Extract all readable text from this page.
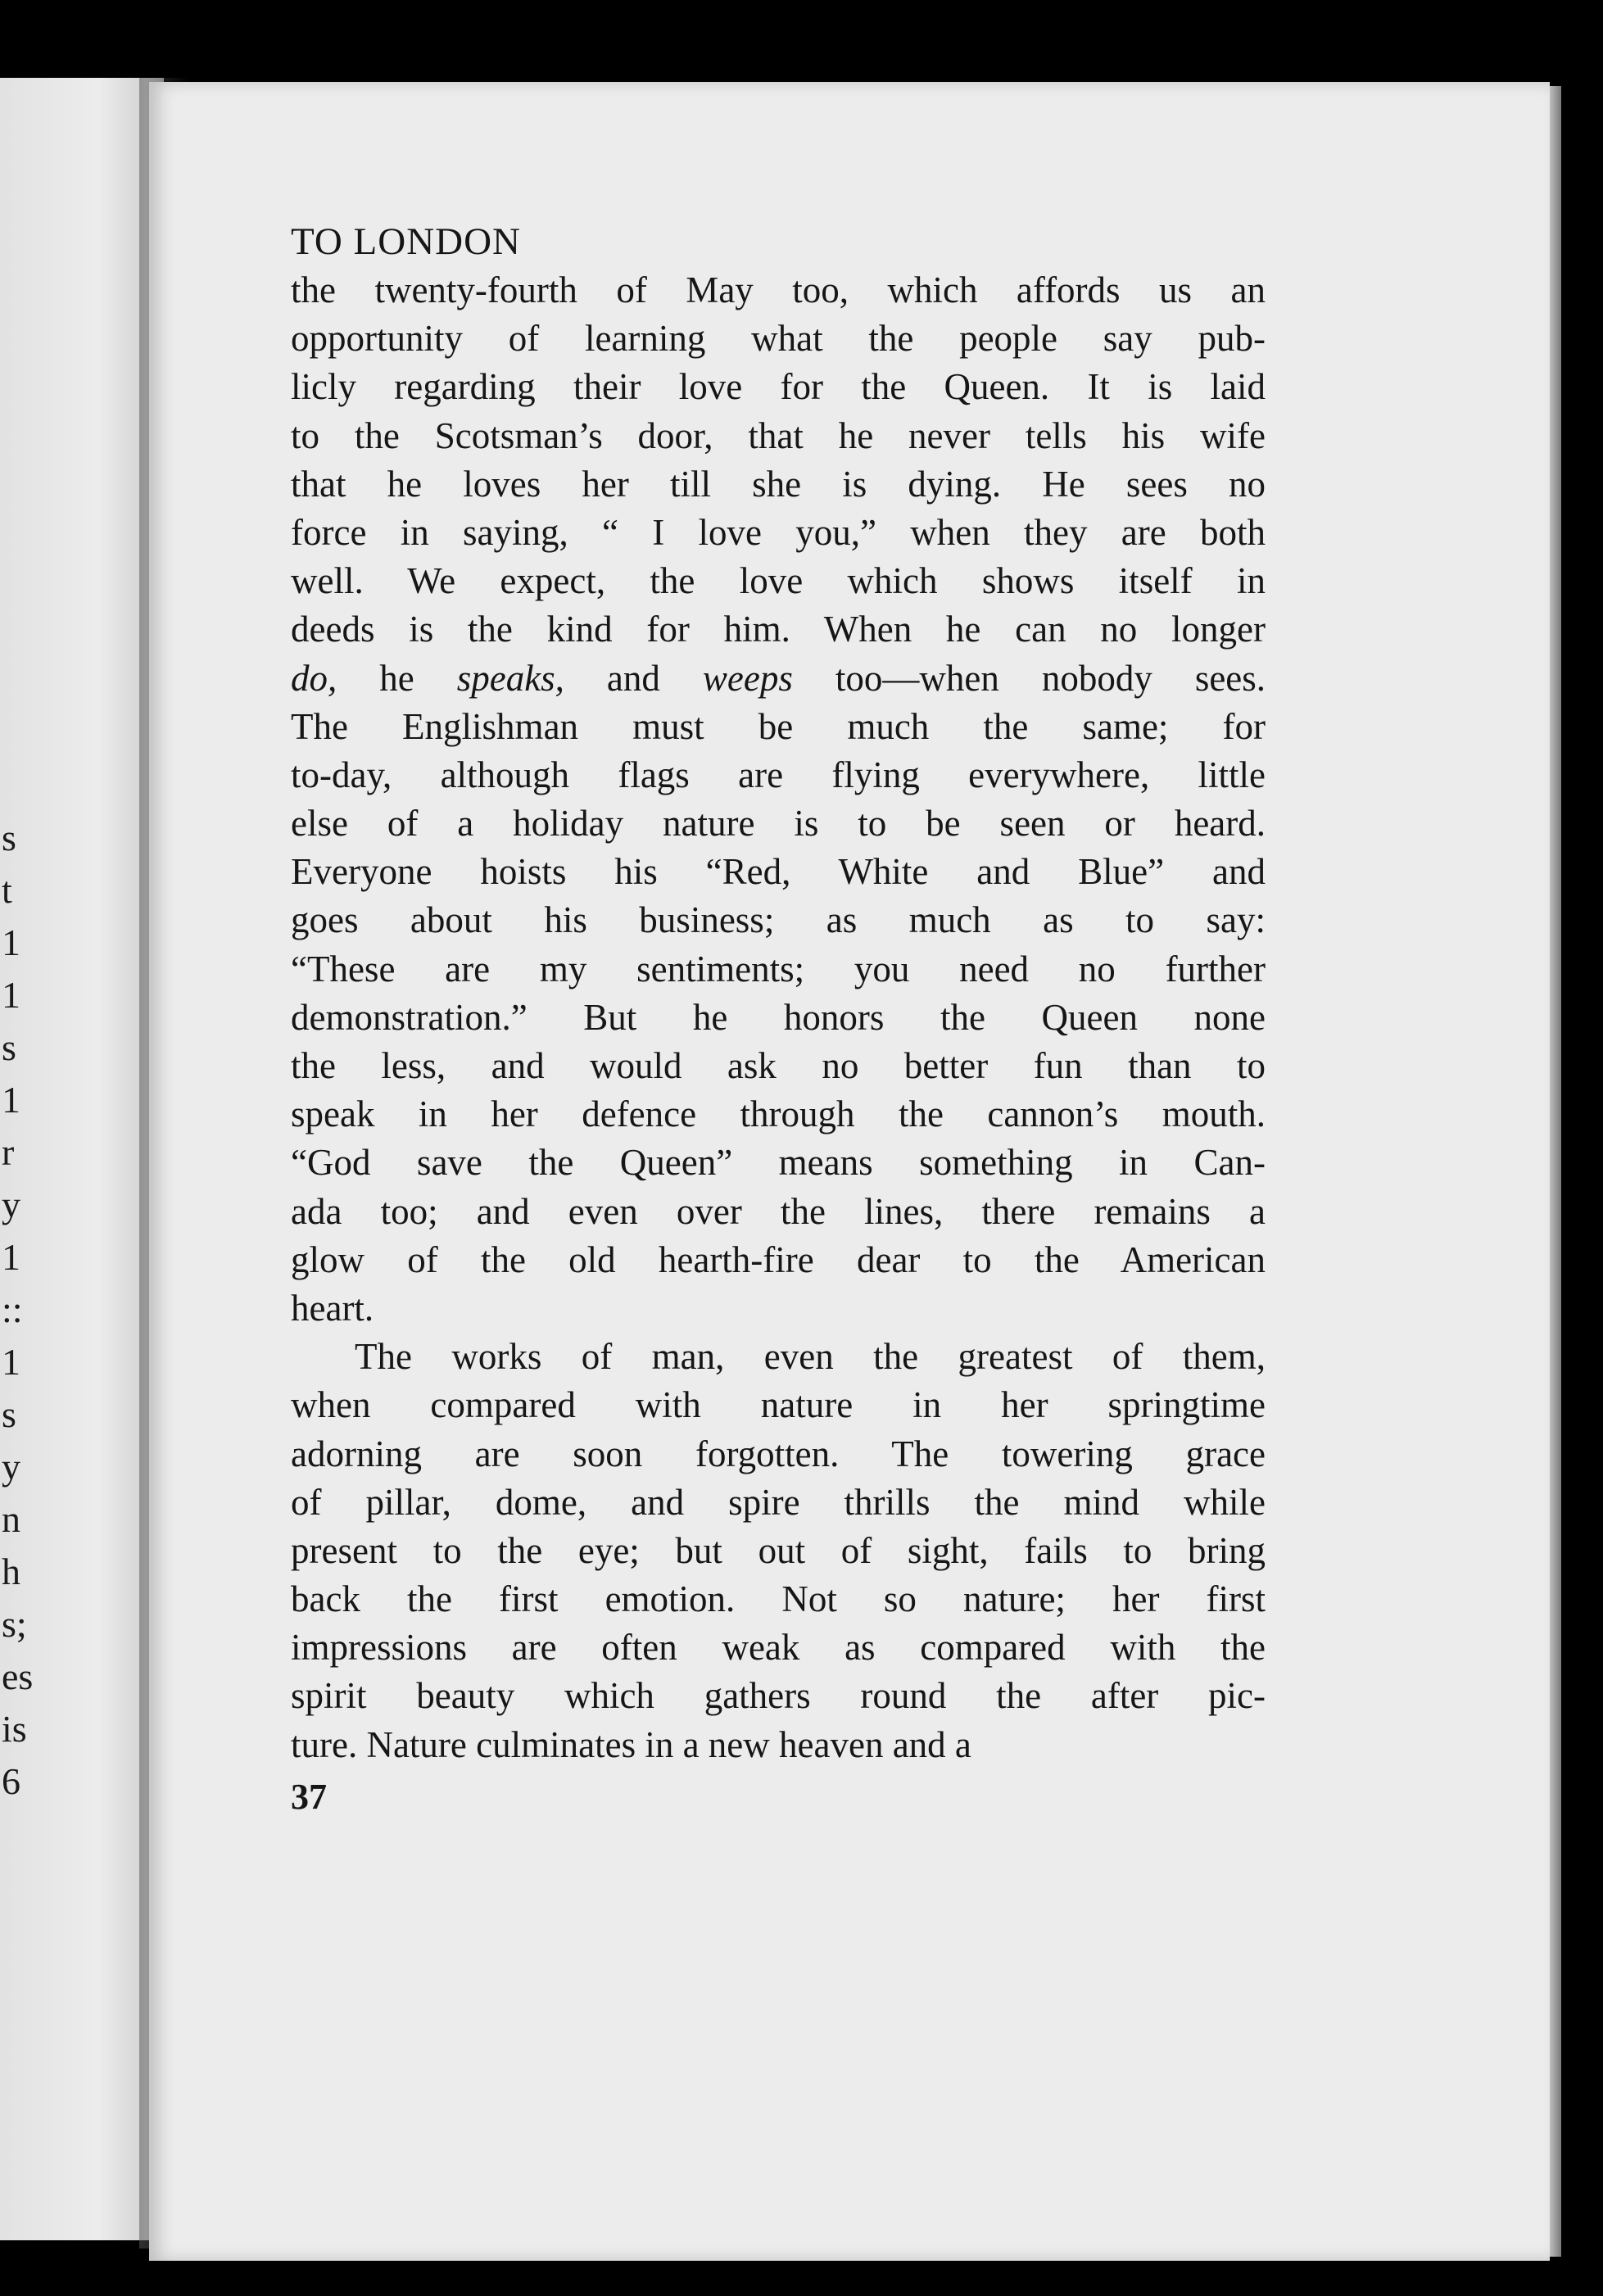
s
t
1
1
s
1
r
y
1
::
1
s
y
n
h
s;
es
is
6
TO LONDON
the twenty-fourth of May too, which affords us an
opportunity of learning what the people say pub-
licly regarding their love for the Queen. It is laid
to the Scotsman’s door, that he never tells his wife
that he loves her till she is dying. He sees no
force in saying, “ I love you,” when they are both
well. We expect, the love which shows itself in
deeds is the kind for him. When he can no longer
do, he speaks, and weeps too—when nobody sees.
The Englishman must be much the same; for
to-day, although flags are flying everywhere, little
else of a holiday nature is to be seen or heard.
Everyone hoists his “Red, White and Blue” and
goes about his business; as much as to say:
“These are my sentiments; you need no further
demonstration.” But he honors the Queen none
the less, and would ask no better fun than to
speak in her defence through the cannon’s mouth.
“God save the Queen” means something in Can-
ada too; and even over the lines, there remains a
glow of the old hearth-fire dear to the American
heart.
The works of man, even the greatest of them,
when compared with nature in her springtime
adorning are soon forgotten. The towering grace
of pillar, dome, and spire thrills the mind while
present to the eye; but out of sight, fails to bring
back the first emotion. Not so nature; her first
impressions are often weak as compared with the
spirit beauty which gathers round the after pic-
ture. Nature culminates in a new heaven and a
37
